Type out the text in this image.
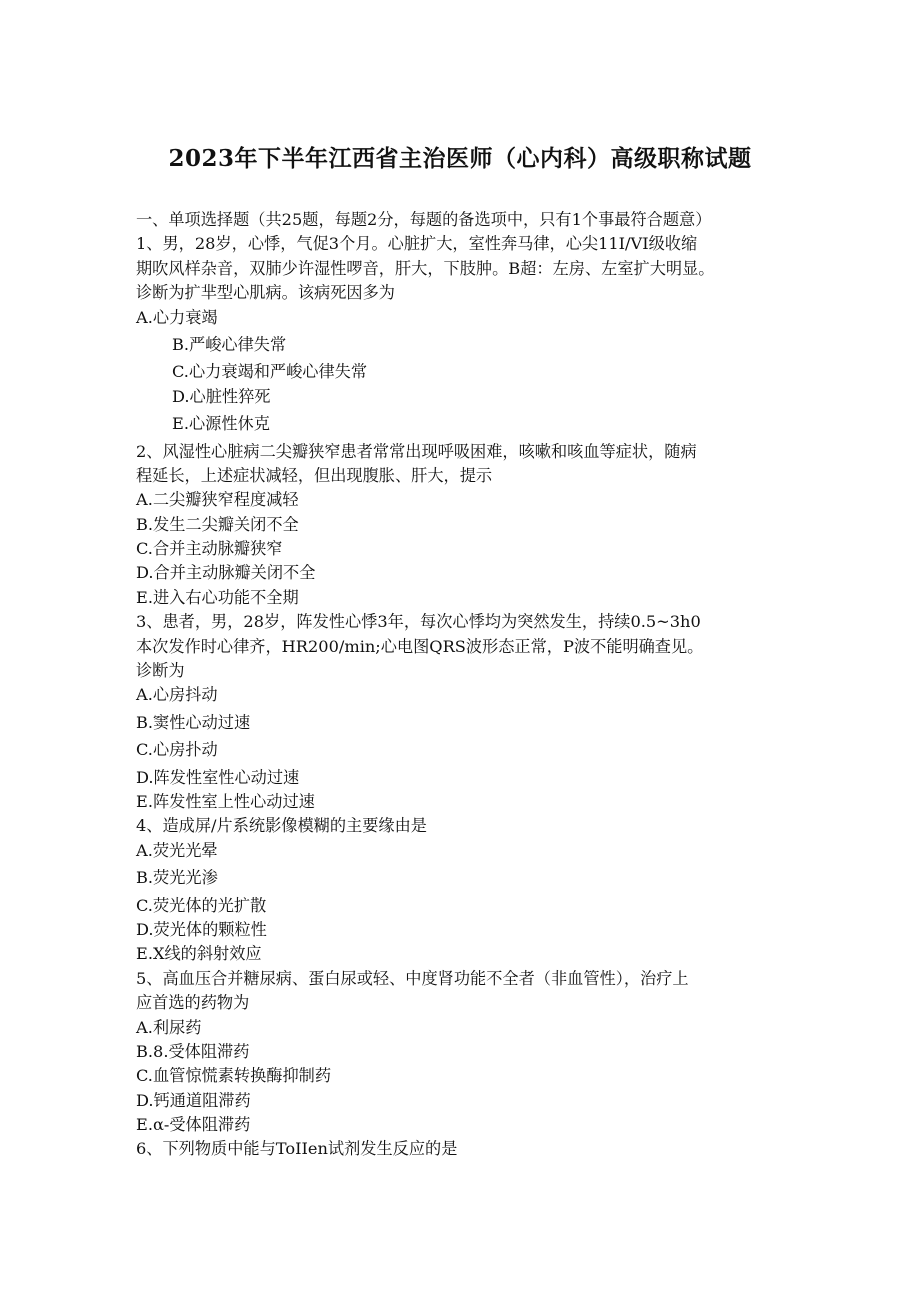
2023年下半年江西省主治医师（心内科）高级职称试题
一、单项选择题（共25题，每题2分，每题的备选项中，只有1个事最符合题意）
1、男，28岁，心悸，气促3个月。心脏扩大，室性奔马律，心尖11I/VI级收缩
期吹风样杂音，双肺少许湿性啰音，肝大，下肢肿。B超：左房、左室扩大明显。
诊断为扩芈型心肌病。该病死因多为
A.心力衰竭
B.严峻心律失常
C.心力衰竭和严峻心律失常
D.心脏性猝死
E.心源性休克
2、风湿性心脏病二尖瓣狭窄患者常常出现呼吸困难，咳嗽和咳血等症状，随病
程延长，上述症状减轻，但出现腹胀、肝大，提示
A.二尖瓣狭窄程度减轻
B.发生二尖瓣关闭不全
C.合并主动脉瓣狭窄
D.合并主动脉瓣关闭不全
E.进入右心功能不全期
3、患者，男，28岁，阵发性心悸3年，每次心悸均为突然发生，持续0.5~3h0
本次发作时心律齐，HR200/min;心电图QRS波形态正常，P波不能明确查见。
诊断为
A.心房抖动
B.窦性心动过速
C.心房扑动
D.阵发性室性心动过速
E.阵发性室上性心动过速
4、造成屏/片系统影像模糊的主要缘由是
A.荧光光晕
B.荧光光渗
C.荧光体的光扩散
D.荧光体的颗粒性
E.X线的斜射效应
5、高血压合并糖尿病、蛋白尿或轻、中度肾功能不全者（非血管性），治疗上
应首选的药物为
A.利尿药
B.8.受体阻滞药
C.血管惊慌素转换酶抑制药
D.钙通道阻滞药
E.α-受体阻滞药
6、下列物质中能与ToIIen试剂发生反应的是
